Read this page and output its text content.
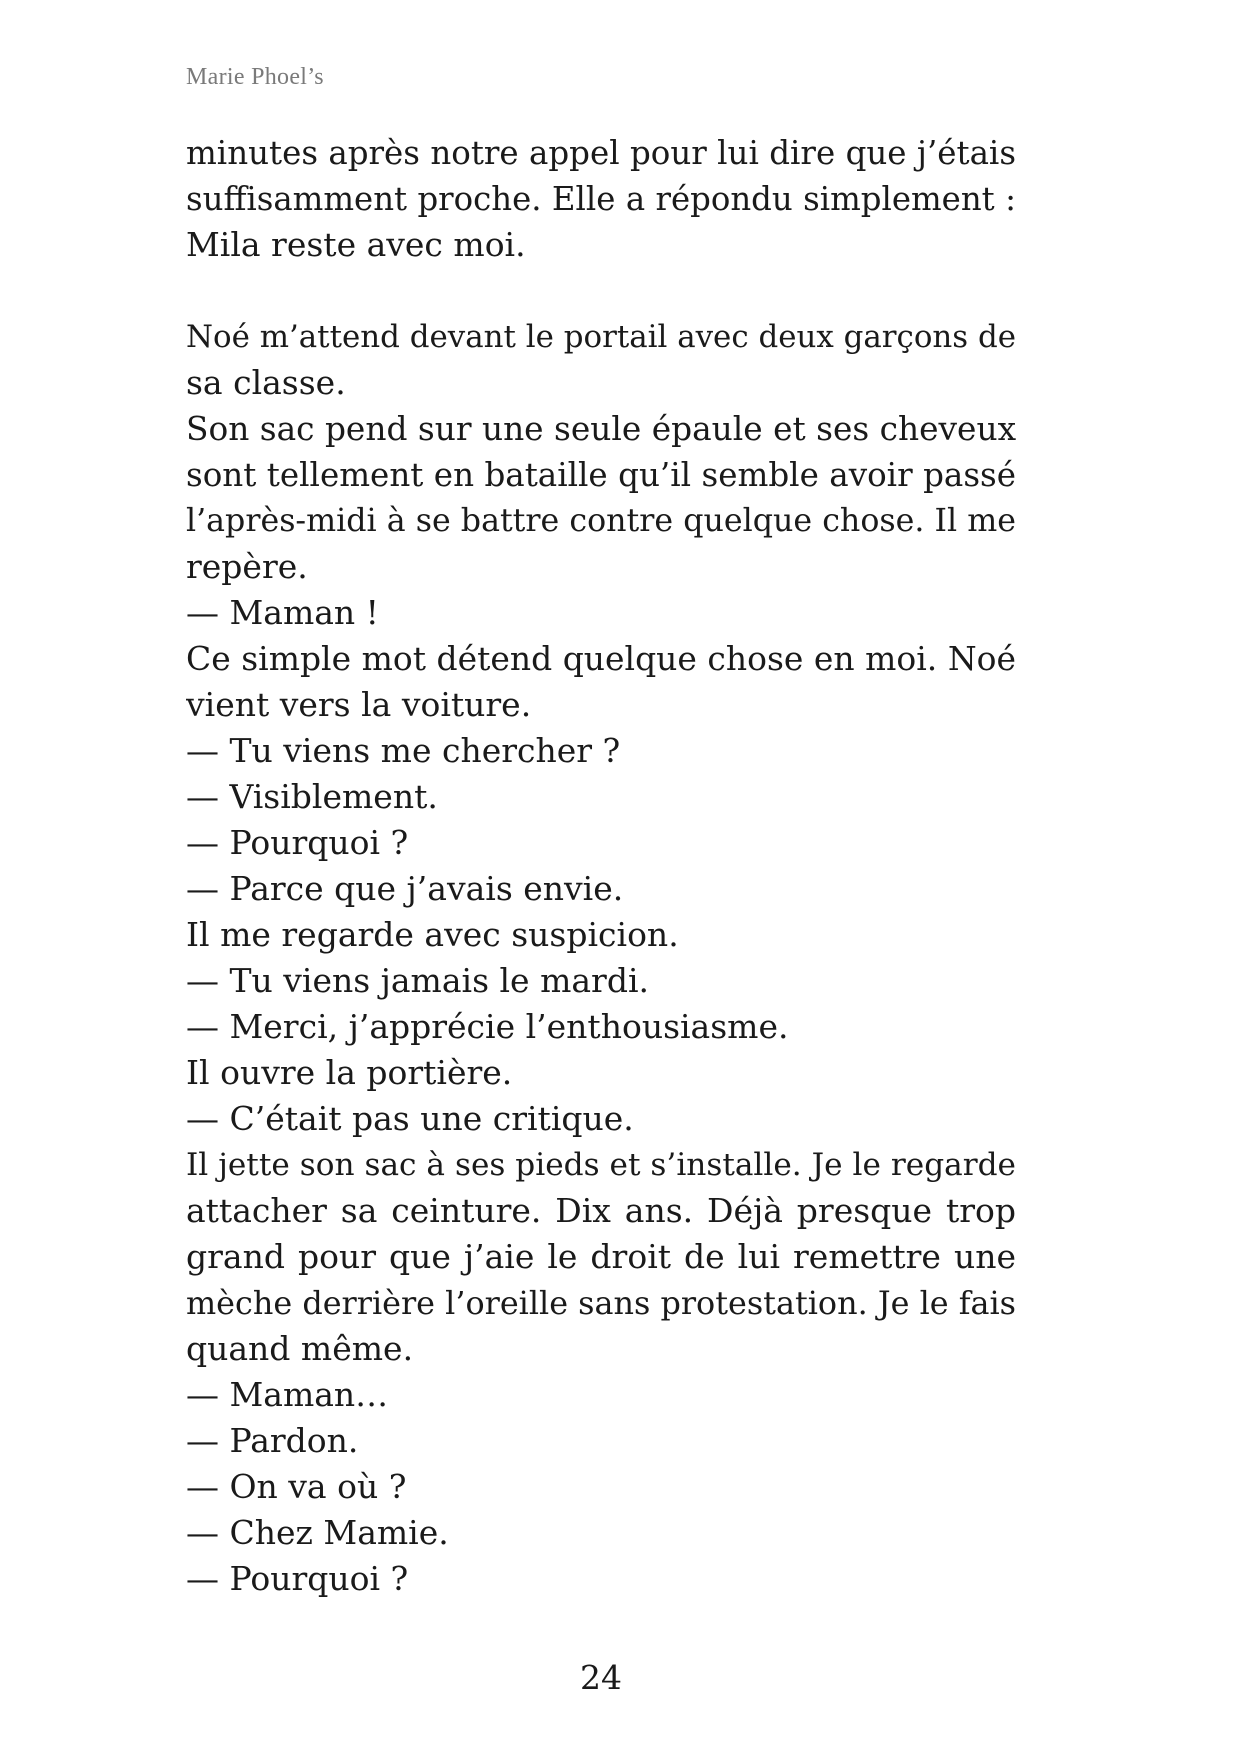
Marie Phoel’s
minutes après notre appel pour lui dire que j’étais
suffisamment proche. Elle a répondu simplement :
Mila reste avec moi.
Noé m’attend devant le portail avec deux garçons de
sa classe.
Son sac pend sur une seule épaule et ses cheveux
sont tellement en bataille qu’il semble avoir passé
l’après-midi à se battre contre quelque chose. Il me
repère.
— Maman !
Ce simple mot détend quelque chose en moi. Noé
vient vers la voiture.
— Tu viens me chercher ?
— Visiblement.
— Pourquoi ?
— Parce que j’avais envie.
Il me regarde avec suspicion.
— Tu viens jamais le mardi.
— Merci, j’apprécie l’enthousiasme.
Il ouvre la portière.
— C’était pas une critique.
Il jette son sac à ses pieds et s’installe. Je le regarde
attacher sa ceinture. Dix ans. Déjà presque trop
grand pour que j’aie le droit de lui remettre une
mèche derrière l’oreille sans protestation. Je le fais
quand même.
— Maman…
— Pardon.
— On va où ?
— Chez Mamie.
— Pourquoi ?
24
